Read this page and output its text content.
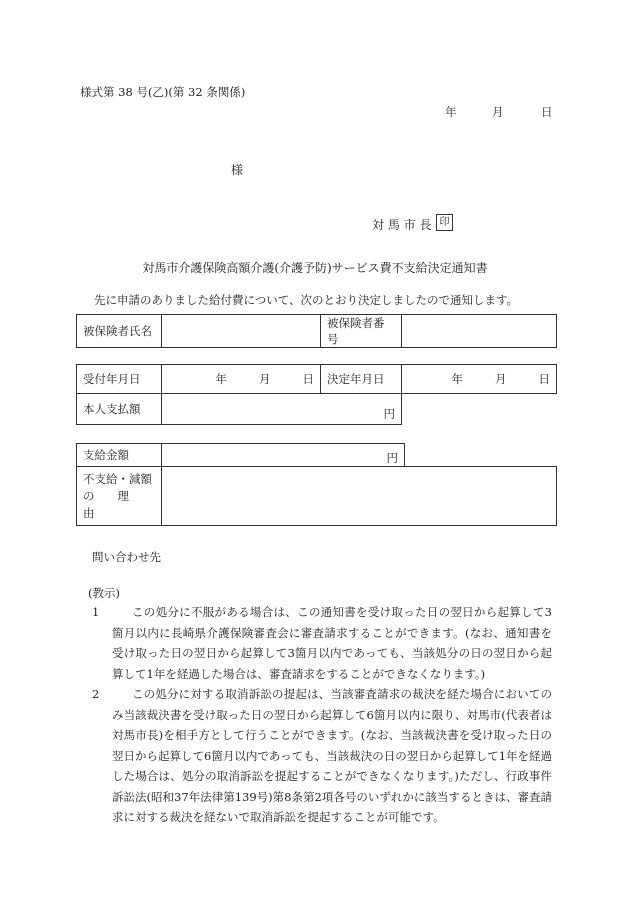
様式第 38 号(乙)(第 32 条関係)
年	月	日
様
対 馬 市 長 印
対馬市介護保険高額介護(介護予防)サービス費不支給決定通知書
先に申請のありました給付費について、次のとおり決定しましたので通知します。
被保険者氏名		被保険者番号	
受付年月日	年 月 日	決定年月日	年 月 日

本人支払額	円		
支給金額	円	

不支給・減額
の　　理　　由		

問い合わせ先
(教示)
1	この処分に不服がある場合は、この通知書を受け取った日の翌日から起算して3箇月以内に長崎県介護保険審査会に審査請求することができます。(なお、通知書を受け取った日の翌日から起算して3箇月以内であっても、当該処分の日の翌日から起算して1年を経過した場合は、審査請求をすることができなくなります。)
2	この処分に対する取消訴訟の提起は、当該審査請求の裁決を経た場合においてのみ当該裁決書を受け取った日の翌日から起算して6箇月以内に限り、対馬市(代表者は対馬市長)を相手方として行うことができます。(なお、当該裁決書を受け取った日の翌日から起算して6箇月以内であっても、当該裁決の日の翌日から起算して1年を経過した場合は、処分の取消訴訟を提起することができなくなります。)ただし、行政事件訴訟法(昭和37年法律第139号)第8条第2項各号のいずれかに該当するときは、審査請求に対する裁決を経ないで取消訴訟を提起することが可能です。
